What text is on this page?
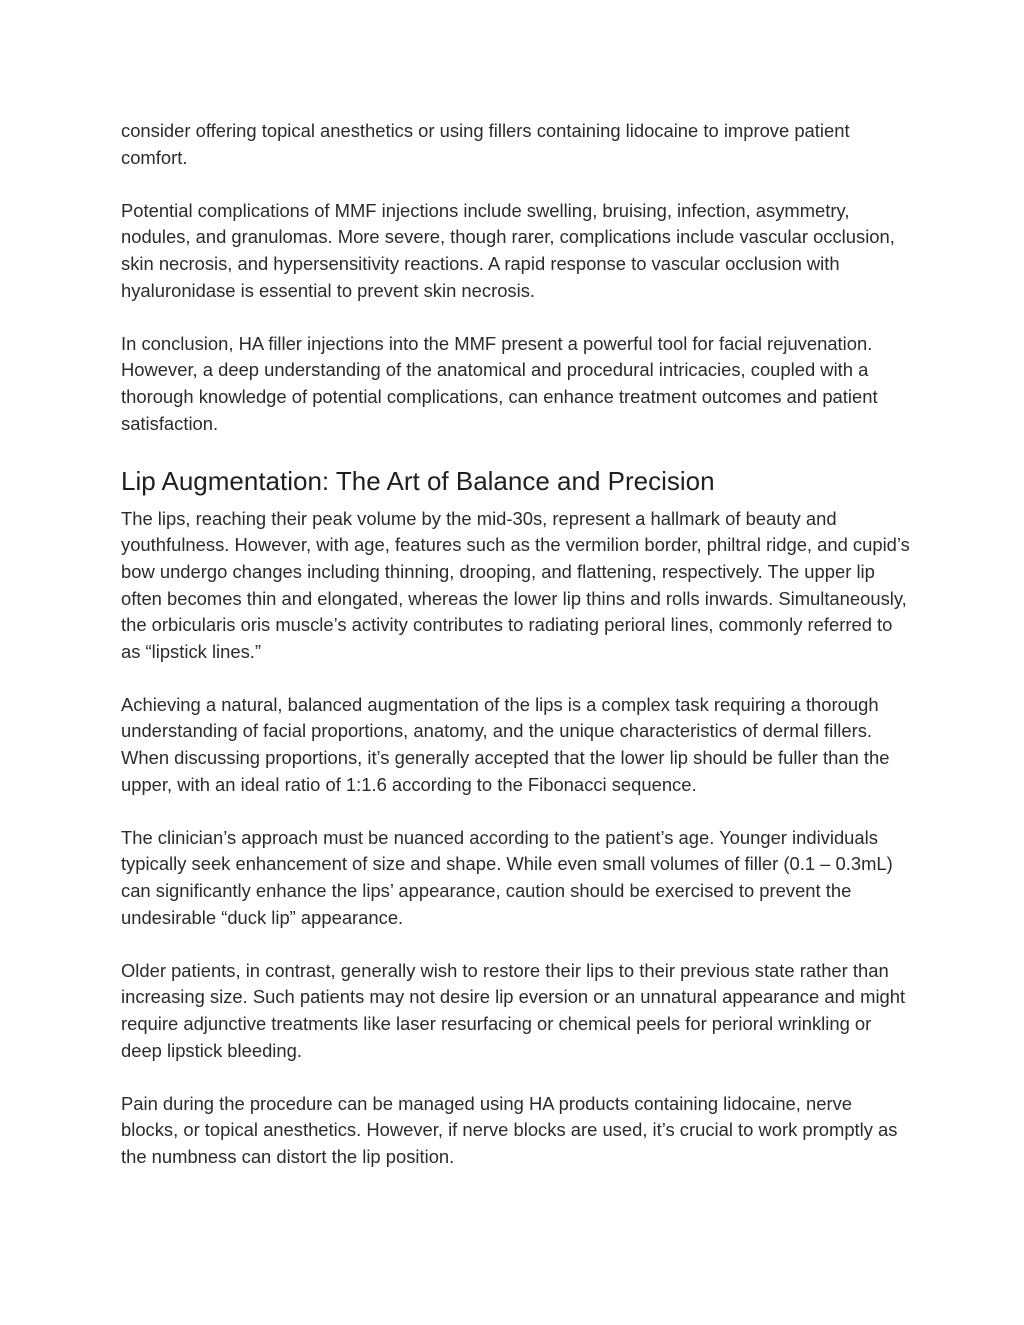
consider offering topical anesthetics or using fillers containing lidocaine to improve patient comfort.

Potential complications of MMF injections include swelling, bruising, infection, asymmetry, nodules, and granulomas. More severe, though rarer, complications include vascular occlusion, skin necrosis, and hypersensitivity reactions. A rapid response to vascular occlusion with hyaluronidase is essential to prevent skin necrosis.

In conclusion, HA filler injections into the MMF present a powerful tool for facial rejuvenation. However, a deep understanding of the anatomical and procedural intricacies, coupled with a thorough knowledge of potential complications, can enhance treatment outcomes and patient satisfaction.

Lip Augmentation: The Art of Balance and Precision

The lips, reaching their peak volume by the mid-30s, represent a hallmark of beauty and youthfulness. However, with age, features such as the vermilion border, philtral ridge, and cupid’s bow undergo changes including thinning, drooping, and flattening, respectively. The upper lip often becomes thin and elongated, whereas the lower lip thins and rolls inwards. Simultaneously, the orbicularis oris muscle’s activity contributes to radiating perioral lines, commonly referred to as “lipstick lines.”

Achieving a natural, balanced augmentation of the lips is a complex task requiring a thorough understanding of facial proportions, anatomy, and the unique characteristics of dermal fillers. When discussing proportions, it’s generally accepted that the lower lip should be fuller than the upper, with an ideal ratio of 1:1.6 according to the Fibonacci sequence.

The clinician’s approach must be nuanced according to the patient’s age. Younger individuals typically seek enhancement of size and shape. While even small volumes of filler (0.1 – 0.3mL) can significantly enhance the lips’ appearance, caution should be exercised to prevent the undesirable “duck lip” appearance.

Older patients, in contrast, generally wish to restore their lips to their previous state rather than increasing size. Such patients may not desire lip eversion or an unnatural appearance and might require adjunctive treatments like laser resurfacing or chemical peels for perioral wrinkling or deep lipstick bleeding.

Pain during the procedure can be managed using HA products containing lidocaine, nerve blocks, or topical anesthetics. However, if nerve blocks are used, it’s crucial to work promptly as the numbness can distort the lip position.
